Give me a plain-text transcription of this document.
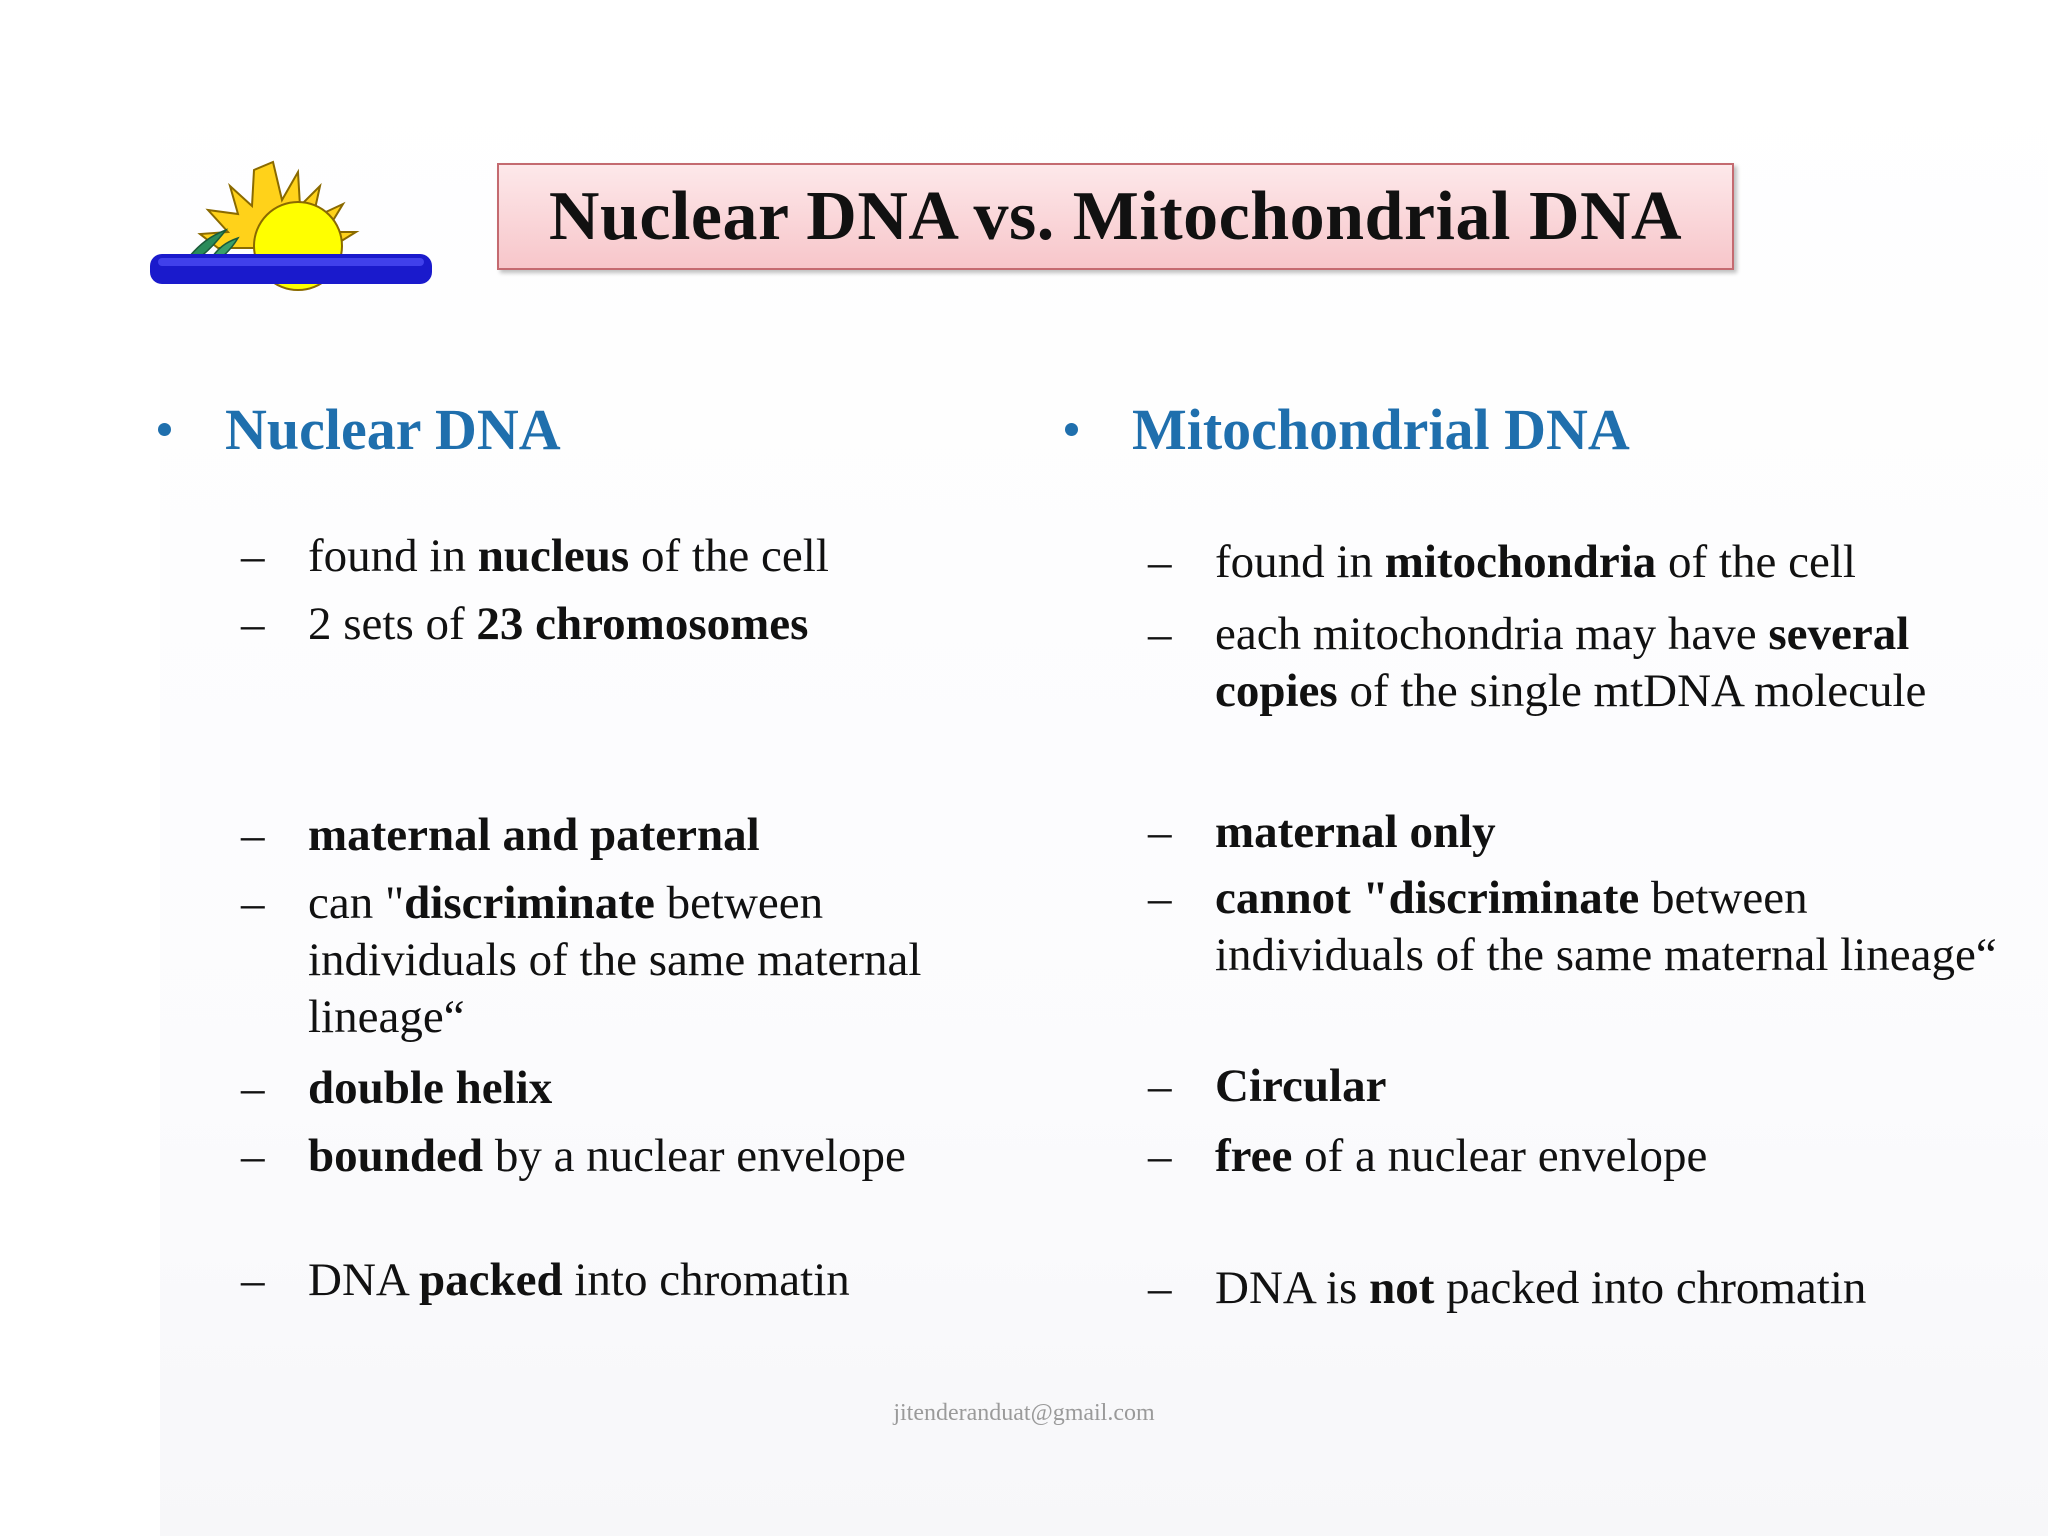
Nuclear DNA vs. Mitochondrial DNA
Nuclear DNA
– found in nucleus of the cell
– 2 sets of 23 chromosomes
– maternal and paternal
– can "discriminate between individuals of the same maternal lineage“
– double helix
– bounded by a nuclear envelope
– DNA packed into chromatin
Mitochondrial DNA
– found in mitochondria of the cell
– each mitochondria may have several copies of the single mtDNA molecule
– maternal only
– cannot "discriminate between individuals of the same maternal lineage“
– Circular
– free of a nuclear envelope
– DNA is not packed into chromatin
jitenderanduat@gmail.com
